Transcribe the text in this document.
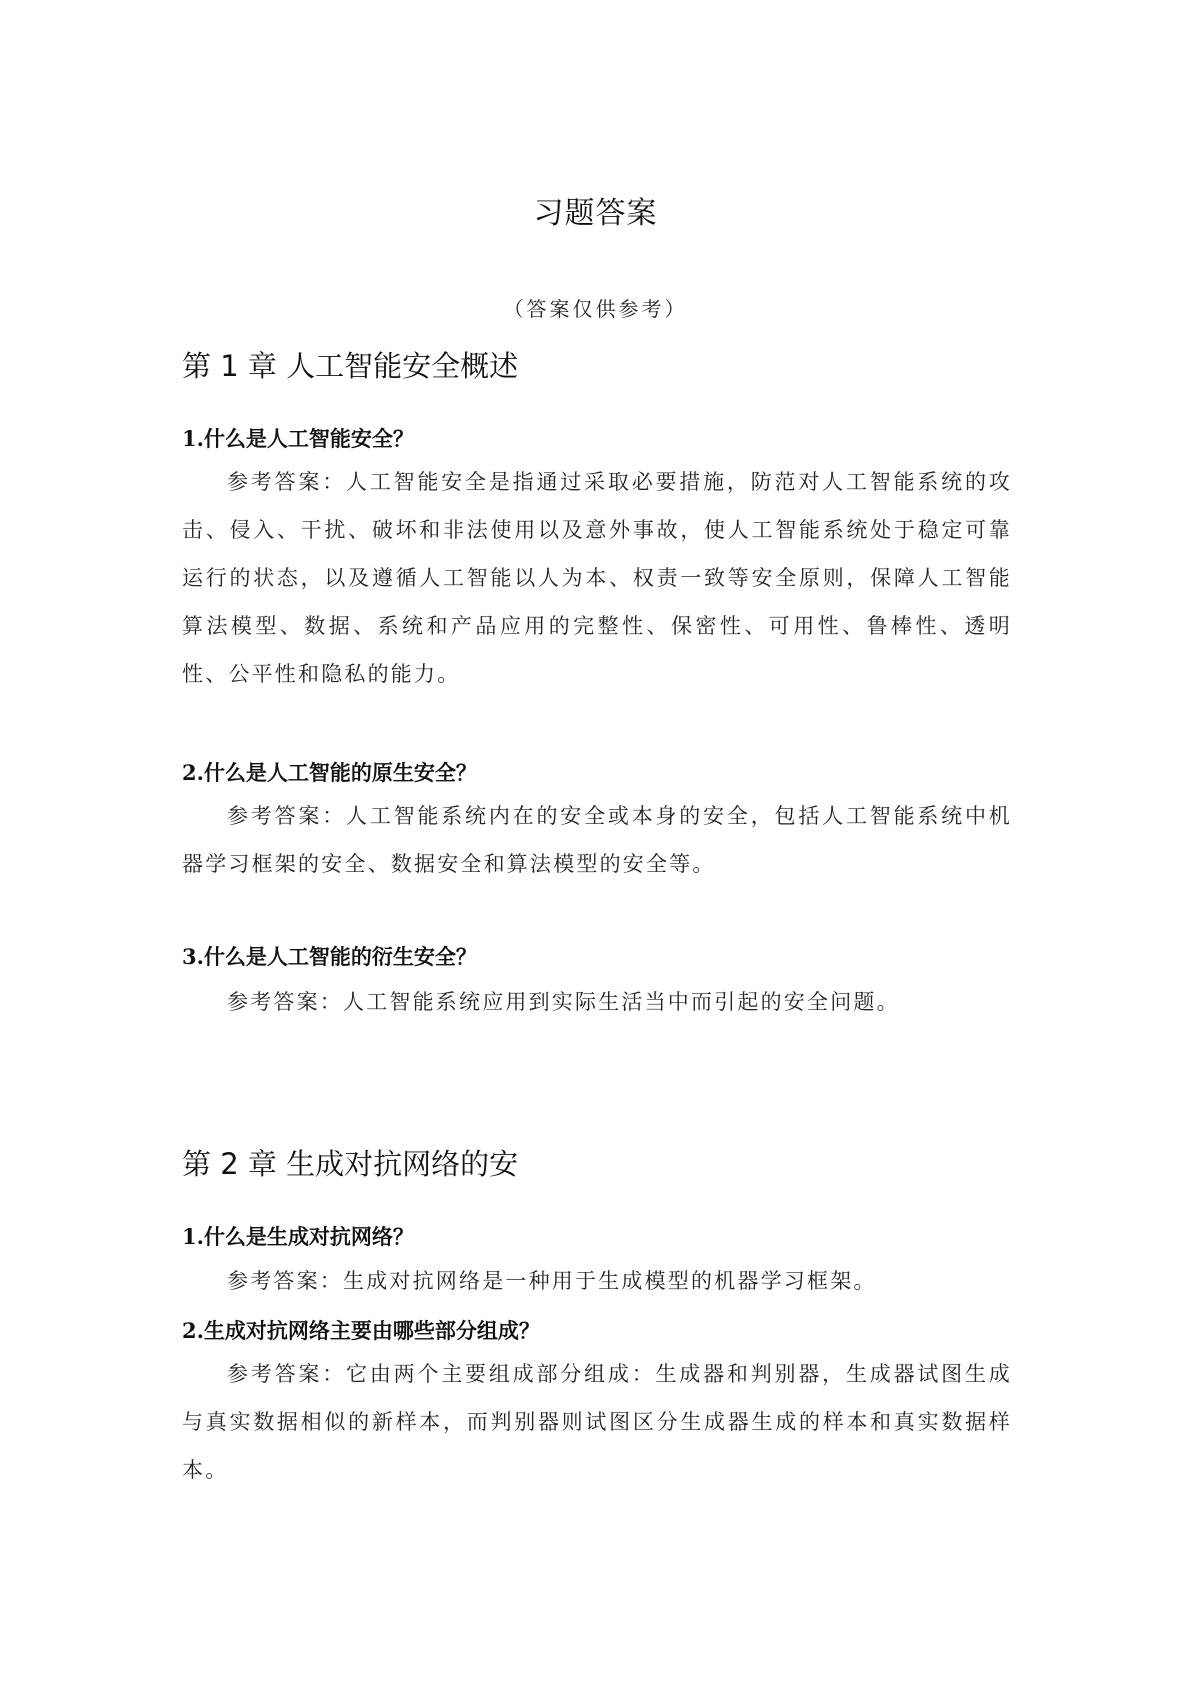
习题答案
（答案仅供参考）
第 1 章 人工智能安全概述
1.什么是人工智能安全？

参考答案：人工智能安全是指通过采取必要措施，防范对人工智能系统的攻击、侵入、干扰、破坏和非法使用以及意外事故，使人工智能系统处于稳定可靠运行的状态，以及遵循人工智能以人为本、权责一致等安全原则，保障人工智能算法模型、数据、系统和产品应用的完整性、保密性、可用性、鲁棒性、透明性、公平性和隐私的能力。

2.什么是人工智能的原生安全？

参考答案：人工智能系统内在的安全或本身的安全，包括人工智能系统中机器学习框架的安全、数据安全和算法模型的安全等。

3.什么是人工智能的衍生安全？

参考答案：人工智能系统应用到实际生活当中而引起的安全问题。

第 2 章 生成对抗网络的安
1.什么是生成对抗网络？

参考答案：生成对抗网络是一种用于生成模型的机器学习框架。

2.生成对抗网络主要由哪些部分组成？

参考答案：它由两个主要组成部分组成：生成器和判别器，生成器试图生成与真实数据相似的新样本，而判别器则试图区分生成器生成的样本和真实数据样本。
